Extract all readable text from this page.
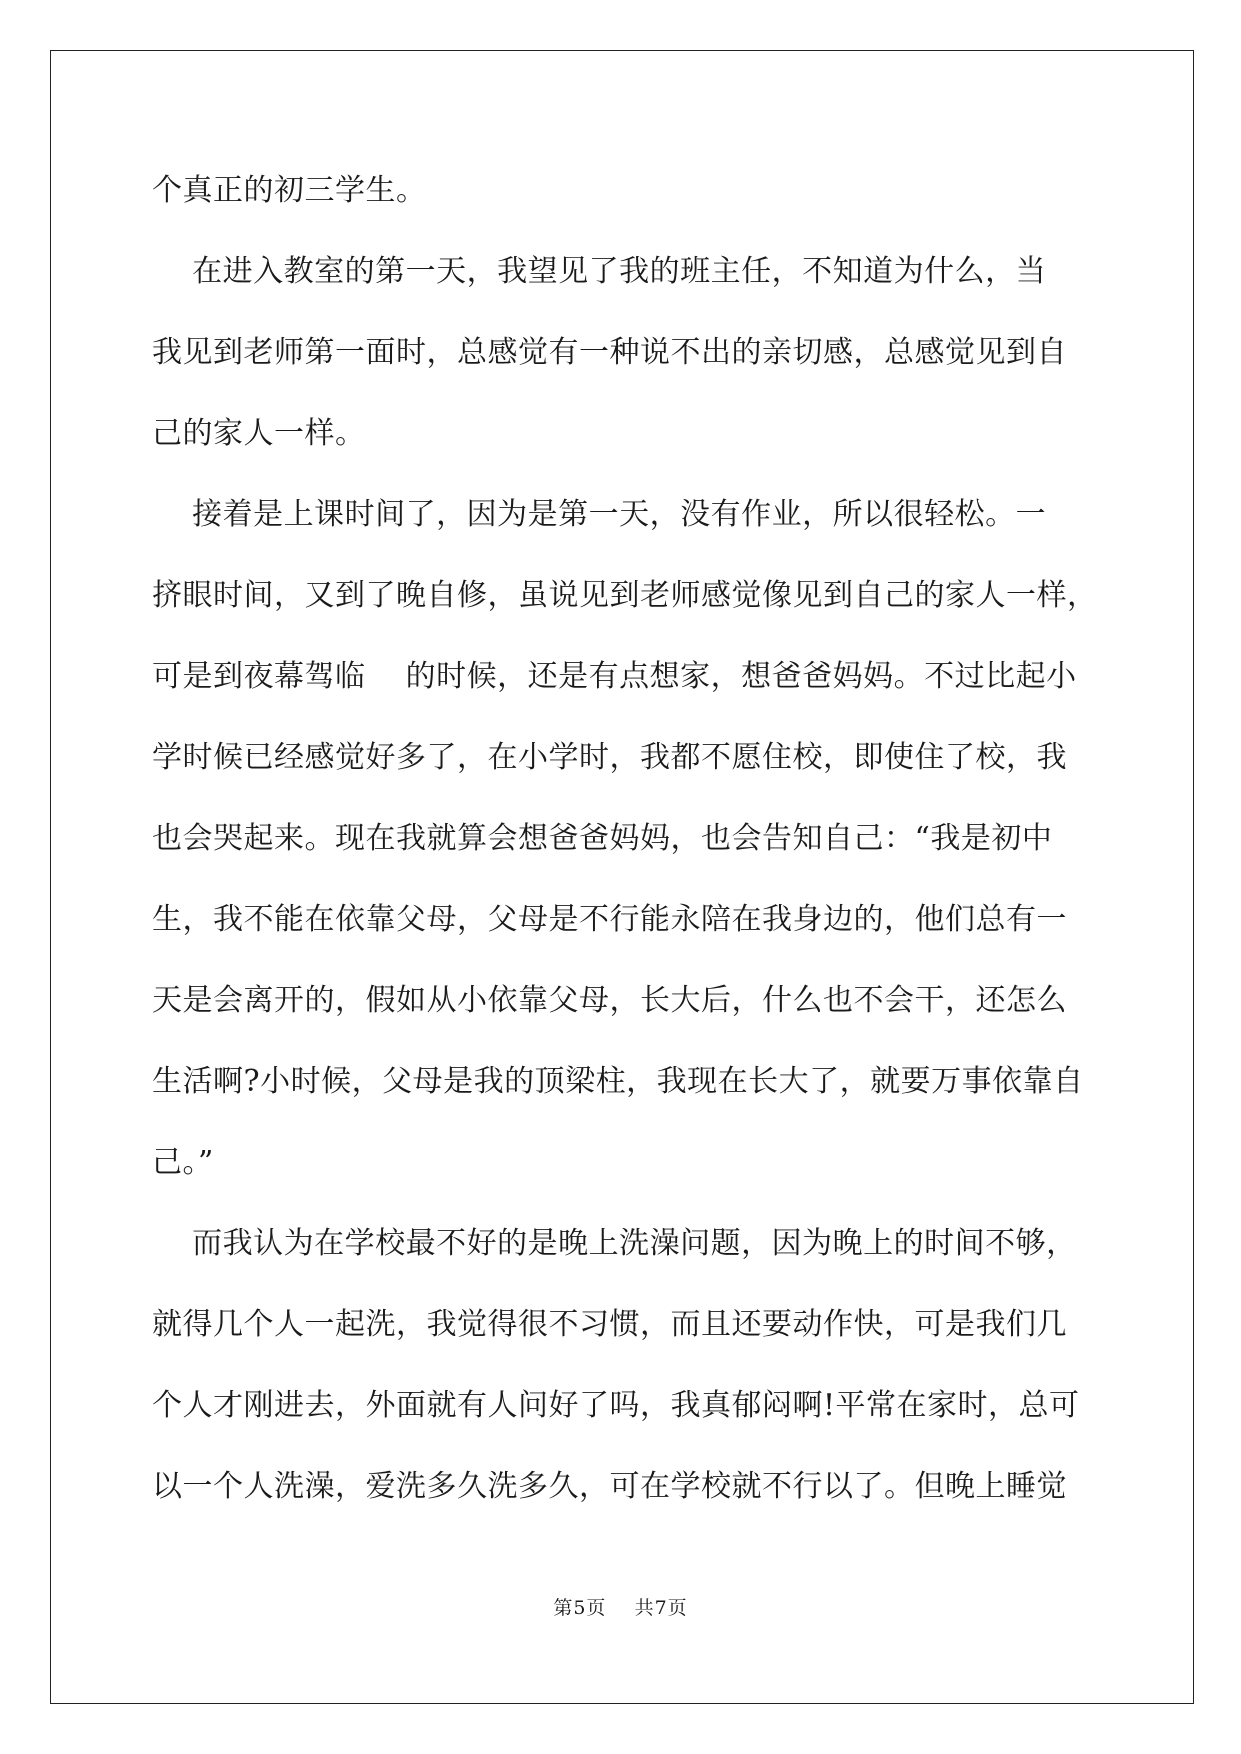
个真正的初三学生。
在进入教室的第一天，我望见了我的班主任，不知道为什么，当
我见到老师第一面时，总感觉有一种说不出的亲切感，总感觉见到自
己的家人一样。
接着是上课时间了，因为是第一天，没有作业，所以很轻松。一
挤眼时间，又到了晚自修，虽说见到老师感觉像见到自己的家人一样，
可是到夜幕驾临    的时候，还是有点想家，想爸爸妈妈。不过比起小
学时候已经感觉好多了，在小学时，我都不愿住校，即使住了校，我
也会哭起来。现在我就算会想爸爸妈妈，也会告知自己：“我是初中
生，我不能在依靠父母，父母是不行能永陪在我身边的，他们总有一
天是会离开的，假如从小依靠父母，长大后，什么也不会干，还怎么
生活啊?小时候，父母是我的顶梁柱，我现在长大了，就要万事依靠自
己。”
而我认为在学校最不好的是晚上洗澡问题，因为晚上的时间不够，
就得几个人一起洗，我觉得很不习惯，而且还要动作快，可是我们几
个人才刚进去，外面就有人问好了吗，我真郁闷啊!平常在家时，总可
以一个人洗澡，爱洗多久洗多久，可在学校就不行以了。但晚上睡觉
第5页 共7页
